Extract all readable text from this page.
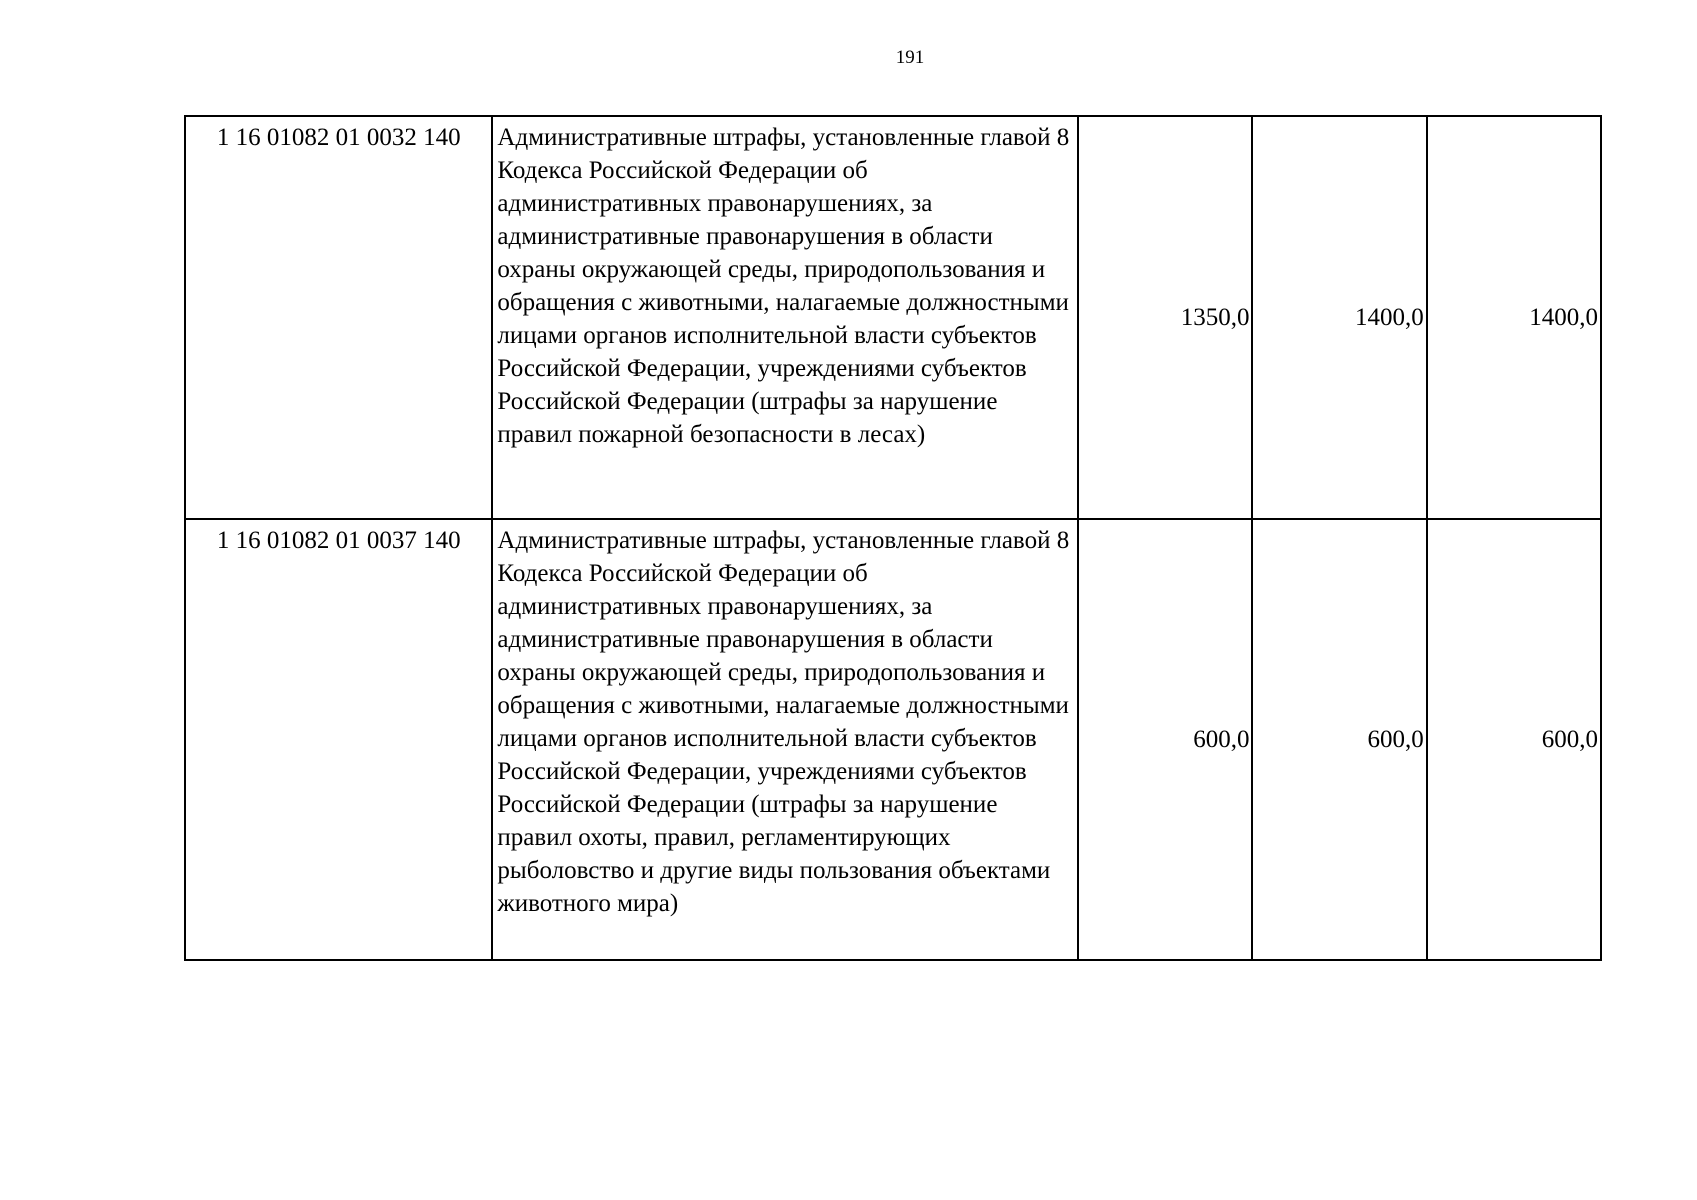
191
1 16 01082 01 0032 140	Административные штрафы, установленные главой 8 Кодекса Российской Федерации об административных правонарушениях, за административные правонарушения в области охраны окружающей среды, природопользования и обращения с животными, налагаемые должностными лицами органов исполнительной власти субъектов Российской Федерации, учреждениями субъектов Российской Федерации (штрафы за нарушение правил пожарной безопасности в лесах)	1350,0	1400,0	1400,0
1 16 01082 01 0037 140	Административные штрафы, установленные главой 8 Кодекса Российской Федерации об административных правонарушениях, за административные правонарушения в области охраны окружающей среды, природопользования и обращения с животными, налагаемые должностными лицами органов исполнительной власти субъектов Российской Федерации, учреждениями субъектов Российской Федерации (штрафы за нарушение правил охоты, правил, регламентирующих рыболовство и другие виды пользования объектами животного мира)	600,0	600,0	600,0
